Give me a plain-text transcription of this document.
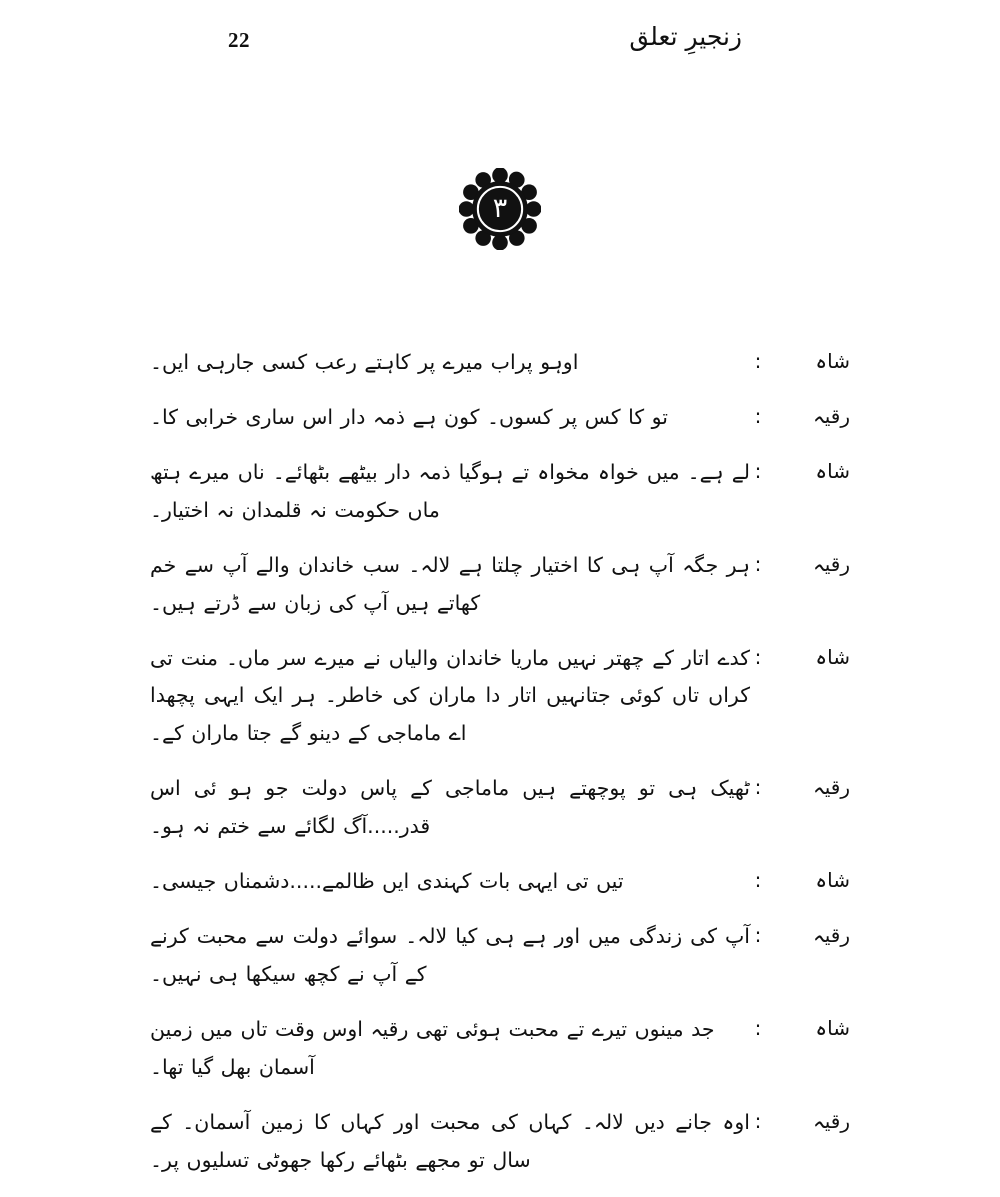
22	زنجیرِ تعلق
۳
شاہ
:
اوہو پراب میرے پر کاہتے رعب کسی جارہی ایں۔
رقیہ
:
تو کا کس پر کسوں۔ کون ہے ذمہ دار اس ساری خرابی کا۔
شاہ
:
لے ہے۔ میں خواہ مخواہ تے ہوگیا ذمہ دار بیٹھے بٹھائے۔ ناں میرے ہتھ ماں حکومت نہ قلمدان نہ اختیار۔
رقیہ
:
ہر جگہ آپ ہی کا اختیار چلتا ہے لالہ۔ سب خاندان والے آپ سے خم کھاتے ہیں آپ کی زبان سے ڈرتے ہیں۔
شاہ
:
کدے اتار کے چھتر نہیں ماریا خاندان والیاں نے میرے سر ماں۔ منت تی کراں تاں کوئی جتانہیں اتار دا ماران کی خاطر۔ ہر ایک ایہی پچھدا اے ماماجی کے دینو گے جتا ماران کے۔
رقیہ
:
ٹھیک ہی تو پوچھتے ہیں ماماجی کے پاس دولت جو ہو ئی اس قدر.....آگ لگائے سے ختم نہ ہو۔
شاہ
:
تیں تی ایہی بات کہندی ایں ظالمے.....دشمناں جیسی۔
رقیہ
:
آپ کی زندگی میں اور ہے ہی کیا لالہ۔ سوائے دولت سے محبت کرنے کے آپ نے کچھ سیکھا ہی نہیں۔
شاہ
:
جد مینوں تیرے تے محبت ہوئی تھی رقیہ اوس وقت تاں میں زمین آسمان بھل گیا تھا۔
رقیہ
:
اوہ جانے دیں لالہ۔ کہاں کی محبت اور کہاں کا زمین آسمان۔ کے سال تو مجھے بٹھائے رکھا جھوٹی تسلیوں پر۔
